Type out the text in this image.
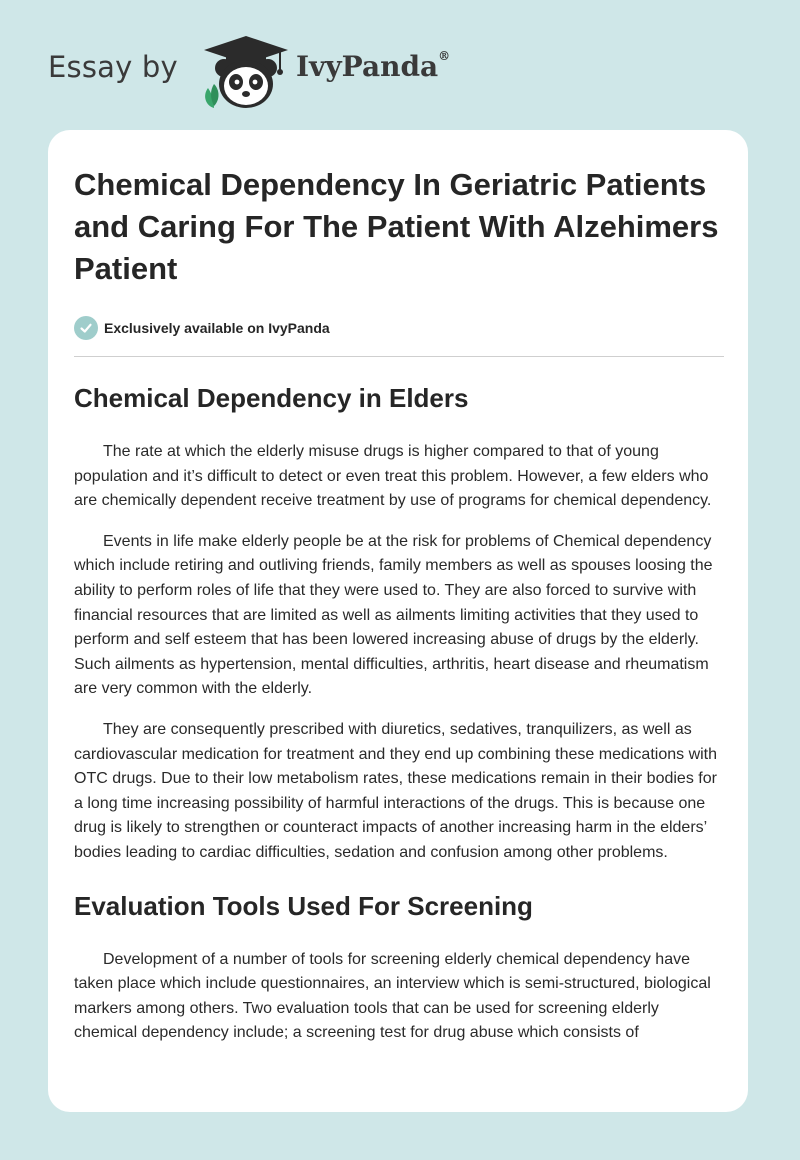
Essay by	IvyPanda®
Chemical Dependency In Geriatric Patients and Caring For The Patient With Alzehimers Patient
Exclusively available on IvyPanda
Chemical Dependency in Elders

The rate at which the elderly misuse drugs is higher compared to that of young population and it’s difficult to detect or even treat this problem. However, a few elders who are chemically dependent receive treatment by use of programs for chemical dependency.

Events in life make elderly people be at the risk for problems of Chemical dependency which include retiring and outliving friends, family members as well as spouses loosing the ability to perform roles of life that they were used to. They are also forced to survive with financial resources that are limited as well as ailments limiting activities that they used to perform and self esteem that has been lowered increasing abuse of drugs by the elderly. Such ailments as hypertension, mental difficulties, arthritis, heart disease and rheumatism are very common with the elderly.

They are consequently prescribed with diuretics, sedatives, tranquilizers, as well as cardiovascular medication for treatment and they end up combining these medications with OTC drugs. Due to their low metabolism rates, these medications remain in their bodies for a long time increasing possibility of harmful interactions of the drugs. This is because one drug is likely to strengthen or counteract impacts of another increasing harm in the elders’ bodies leading to cardiac difficulties, sedation and confusion among other problems.

Evaluation Tools Used For Screening

Development of a number of tools for screening elderly chemical dependency have taken place which include questionnaires, an interview which is semi-structured, biological markers among others. Two evaluation tools that can be used for screening elderly chemical dependency include; a screening test for drug abuse which consists of
